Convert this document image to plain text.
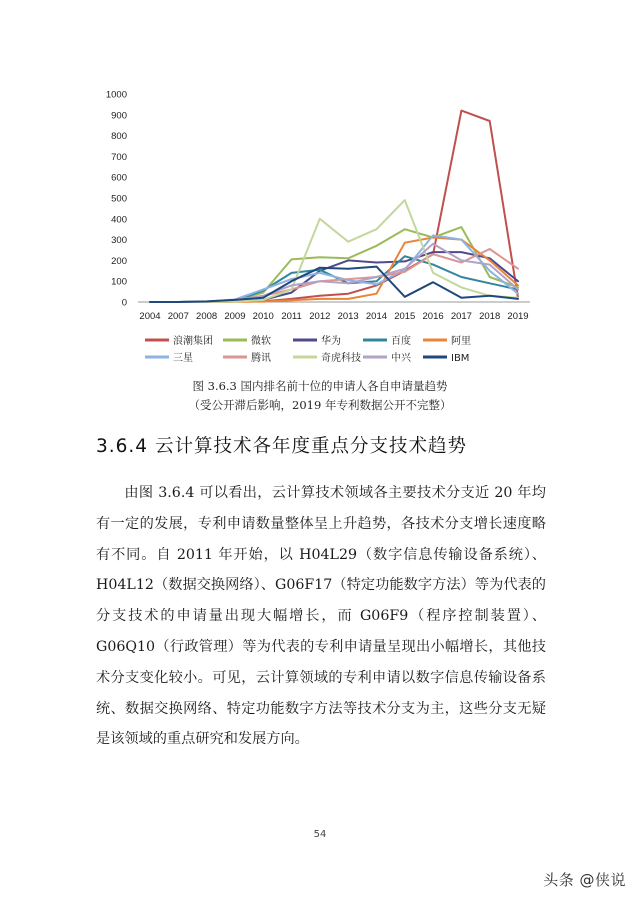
0
100
200
300
400
500
600
700
800
900
1000
2004 2007 2008 2009 2010 2011 2012 2013 2014 2015 2016 2017 2018 2019
浪潮集团	微软	华为	百度	阿里
三星	腾讯	奇虎科技	中兴	IBM
图 3.6.3 国内排名前十位的申请人各自申请量趋势
（受公开滞后影响，2019 年专利数据公开不完整）
3.6.4 云计算技术各年度重点分支技术趋势

由图 3.6.4 可以看出，云计算技术领域各主要技术分支近 20 年均有一定的发展，专利申请数量整体呈上升趋势，各技术分支增长速度略有不同。自 2011 年开始，以 H04L29（数字信息传输设备系统）、H04L12（数据交换网络）、G06F17（特定功能数字方法）等为代表的分支技术的申请量出现大幅增长，而 G06F9（程序控制装置）、G06Q10（行政管理）等为代表的专利申请量呈现出小幅增长，其他技术分支变化较小。可见，云计算领域的专利申请以数字信息传输设备系统、数据交换网络、特定功能数字方法等技术分支为主，这些分支无疑是该领域的重点研究和发展方向。

54
头条 @侠说
